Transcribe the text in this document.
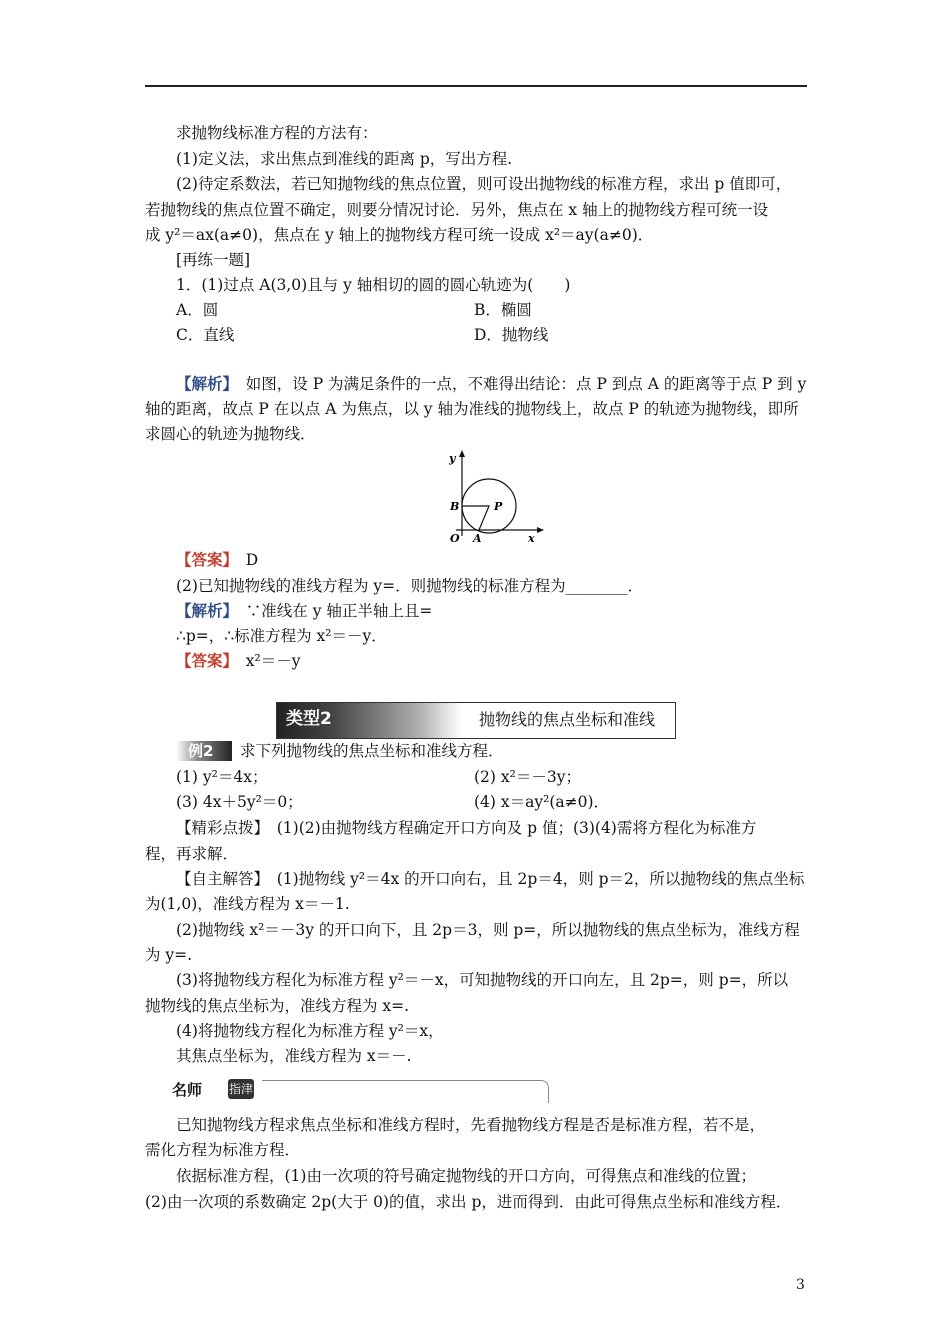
求抛物线标准方程的方法有：
(1)定义法，求出焦点到准线的距离 p，写出方程.
(2)待定系数法，若已知抛物线的焦点位置，则可设出抛物线的标准方程，求出 p 值即可，
若抛物线的焦点位置不确定，则要分情况讨论．另外，焦点在 x 轴上的抛物线方程可统一设
成 y²＝ax(a≠0)，焦点在 y 轴上的抛物线方程可统一设成 x²＝ay(a≠0)．
[再练一题]
1．(1)过点 A(3,0)且与 y 轴相切的圆的圆心轨迹为(　　)
A．圆	B．椭圆
C．直线	D．抛物线
【解析】　如图，设 P 为满足条件的一点，不难得出结论：点 P 到点 A 的距离等于点 P 到 y
轴的距离，故点 P 在以点 A 为焦点，以 y 轴为准线的抛物线上，故点 P 的轨迹为抛物线，即所
求圆心的轨迹为抛物线．
y
x
B	P
O A
【答案】　D
(2)已知抛物线的准线方程为 y=．则抛物线的标准方程为________．
【解析】　∵准线在 y 轴正半轴上且=
∴p=，∴标准方程为 x²＝－y．
【答案】　x²＝－y
类型2	抛物线的焦点坐标和准线
例2	求下列抛物线的焦点坐标和准线方程．
(1) y²＝4x；	(2) x²＝－3y；
(3) 4x＋5y²＝0；	(4) x＝ay²(a≠0)．
【精彩点拨】　(1)(2)由抛物线方程确定开口方向及 p 值；(3)(4)需将方程化为标准方
程，再求解．
【自主解答】　(1)抛物线 y²＝4x 的开口向右，且 2p＝4，则 p＝2，所以抛物线的焦点坐标
为(1,0)，准线方程为 x＝－1.
(2)抛物线 x²＝－3y 的开口向下，且 2p＝3，则 p=，所以抛物线的焦点坐标为，准线方程
为 y=.
(3)将抛物线方程化为标准方程 y²＝－x，可知抛物线的开口向左，且 2p=，则 p=，所以
抛物线的焦点坐标为，准线方程为 x=.
(4)将抛物线方程化为标准方程 y²＝x，
其焦点坐标为，准线方程为 x＝－.
名师 指津
已知抛物线方程求焦点坐标和准线方程时，先看抛物线方程是否是标准方程，若不是，
需化方程为标准方程．
依据标准方程，(1)由一次项的符号确定抛物线的开口方向，可得焦点和准线的位置；
(2)由一次项的系数确定 2p(大于 0)的值，求出 p，进而得到．由此可得焦点坐标和准线方程．
3
